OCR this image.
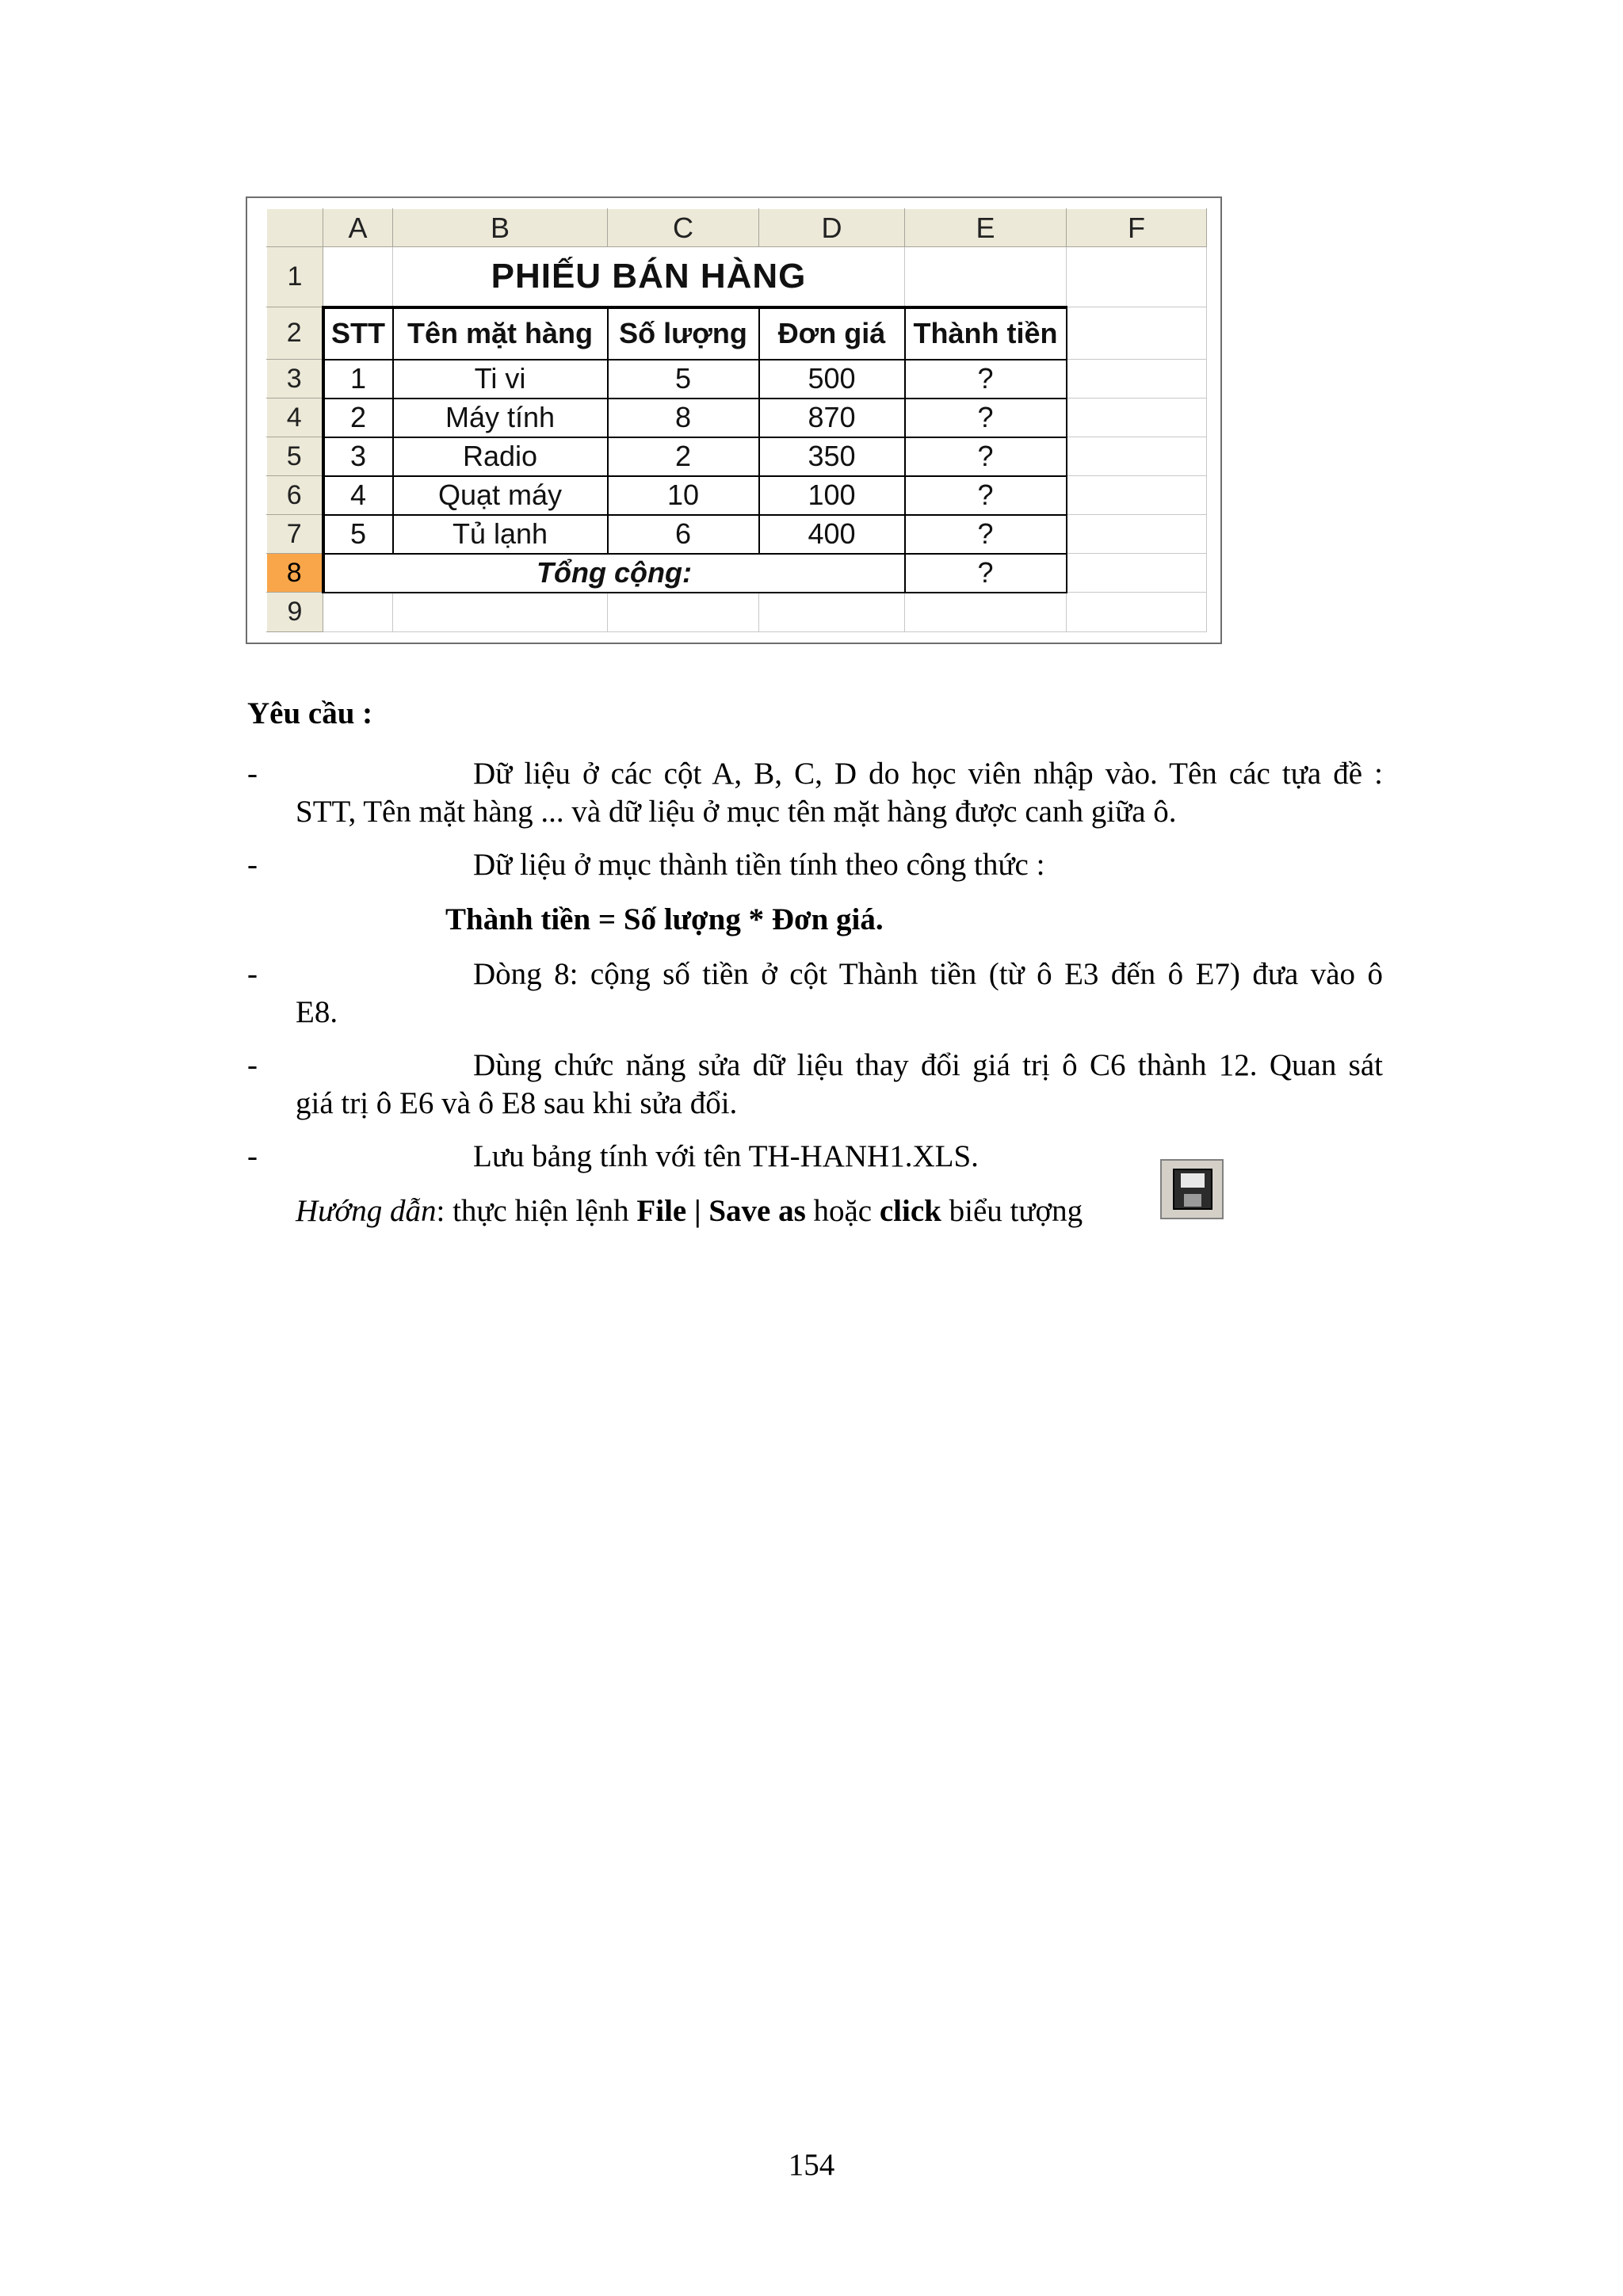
	A	B	C	D	E	F
1		PHIẾU BÁN HÀNG				
2	STT	Tên mặt hàng	Số lượng	Đơn giá	Thành tiền	
3	1	Ti vi	5	500	?	
4	2	Máy tính	8	870	?	
5	3	Radio	2	350	?	
6	4	Quạt máy	10	100	?	
7	5	Tủ lạnh	6	400	?	
8	Tổng cộng:				?	
9						
Yêu cầu :
-	Dữ liệu ở các cột A, B, C, D do học viên nhập vào. Tên các tựa đề :
STT, Tên mặt hàng ... và dữ liệu ở mục tên mặt hàng được canh giữa ô.
-	Dữ liệu ở mục thành tiền tính theo công thức :
Thành tiền = Số lượng * Đơn giá.
-	Dòng 8: cộng số tiền ở cột Thành tiền (từ ô E3 đến ô E7) đưa vào ô
E8.
-	Dùng chức năng sửa dữ liệu thay đổi giá trị ô C6 thành 12. Quan sát
giá trị ô E6 và ô E8 sau khi sửa đổi.
-	Lưu bảng tính với tên TH-HANH1.XLS.
Hướng dẫn: thực hiện lệnh File | Save as hoặc click biểu tượng
154
